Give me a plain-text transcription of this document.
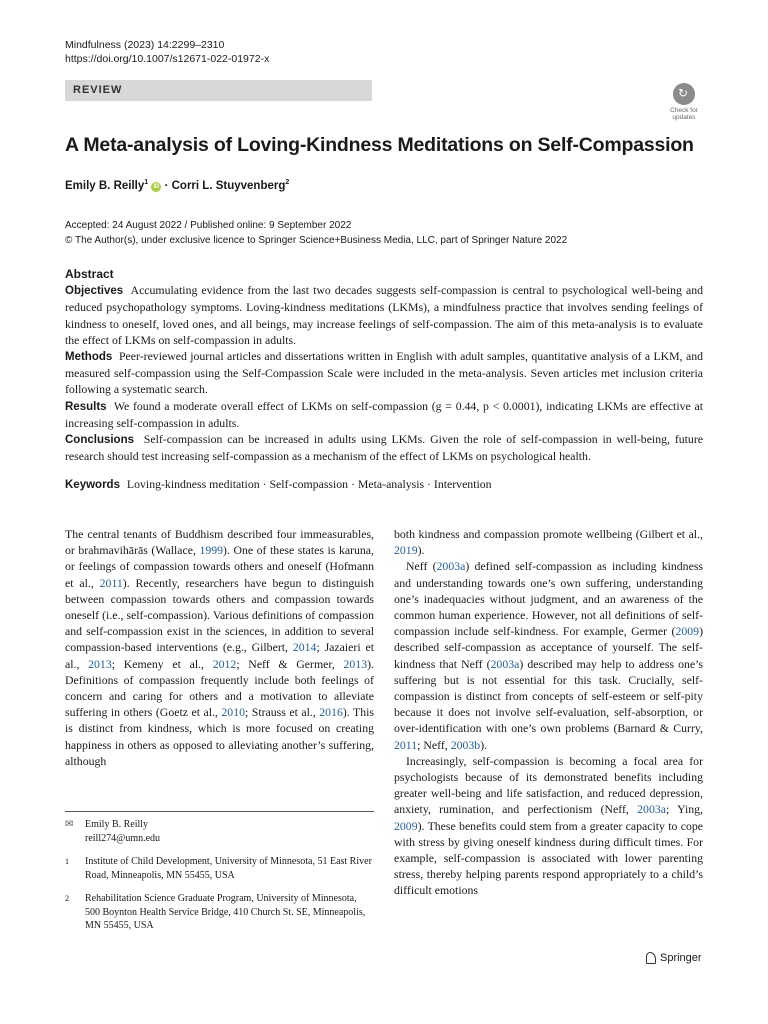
Mindfulness (2023) 14:2299–2310
https://doi.org/10.1007/s12671-022-01972-x
REVIEW	↻
Check for updates
A Meta-analysis of Loving-Kindness Meditations on Self-Compassion
Emily B. Reilly$^1$ iD · Corri L. Stuyvenberg$^2$
Accepted: 24 August 2022 / Published online: 9 September 2022
© The Author(s), under exclusive licence to Springer Science+Business Media, LLC, part of Springer Nature 2022
Abstract

Objectives Accumulating evidence from the last two decades suggests self-compassion is central to psychological well-being and reduced psychopathology symptoms. Loving-kindness meditations (LKMs), a mindfulness practice that involves sending feelings of kindness to oneself, loved ones, and all beings, may increase feelings of self-compassion. The aim of this meta-analysis is to evaluate the effect of LKMs on self-compassion in adults.

Methods Peer-reviewed journal articles and dissertations written in English with adult samples, quantitative analysis of a LKM, and measured self-compassion using the Self-Compassion Scale were included in the meta-analysis. Seven articles met inclusion criteria following a systematic search.

Results We found a moderate overall effect of LKMs on self-compassion (g = 0.44, p < 0.0001), indicating LKMs are effective at increasing self-compassion in adults.

Conclusions Self-compassion can be increased in adults using LKMs. Given the role of self-compassion in well-being, future research should test increasing self-compassion as a mechanism of the effect of LKMs on psychological health.

Keywords Loving-kindness meditation · Self-compassion · Meta-analysis · Intervention

The central tenants of Buddhism described four immeasurables, or brahmavihārās (Wallace, 1999). One of these states is karuna, or feelings of compassion towards others and oneself (Hofmann et al., 2011). Recently, researchers have begun to distinguish between compassion towards others and compassion towards oneself (i.e., self-compassion). Various definitions of compassion and self-compassion exist in the sciences, in addition to several compassion-based interventions (e.g., Gilbert, 2014; Jazaieri et al., 2013; Kemeny et al., 2012; Neff & Germer, 2013). Definitions of compassion frequently include both feelings of concern and caring for others and a motivation to alleviate suffering in others (Goetz et al., 2010; Strauss et al., 2016). This is distinct from kindness, which is more focused on creating happiness in others as opposed to alleviating another’s suffering, although

both kindness and compassion promote wellbeing (Gilbert et al., 2019).

Neff (2003a) defined self-compassion as including kindness and understanding towards one’s own suffering, understanding one’s inadequacies without judgment, and an awareness of the common human experience. However, not all definitions of self-compassion include self-kindness. For example, Germer (2009) described self-compassion as acceptance of yourself. The self-kindness that Neff (2003a) described may help to address one’s suffering but is not essential for this task. Crucially, self-compassion is distinct from concepts of self-esteem or self-pity because it does not involve self-evaluation, self-absorption, or over-identification with one’s own problems (Barnard & Curry, 2011; Neff, 2003b).

Increasingly, self-compassion is becoming a focal area for psychologists because of its demonstrated benefits including greater well-being and life satisfaction, and reduced depression, anxiety, rumination, and perfectionism (Neff, 2003a; Ying, 2009). These benefits could stem from a greater capacity to cope with stress by giving oneself kindness during difficult times. For example, self-compassion is associated with lower parenting stress, thereby helping parents respond appropriately to a child’s difficult emotions

✉	Emily B. Reilly
reill274@umn.edu
1	Institute of Child Development, University of Minnesota, 51 East River Road, Minneapolis, MN 55455, USA
2	Rehabilitation Science Graduate Program, University of Minnesota, 500 Boynton Health Service Bridge, 410 Church St. SE, Minneapolis, MN 55455, USA
Springer
